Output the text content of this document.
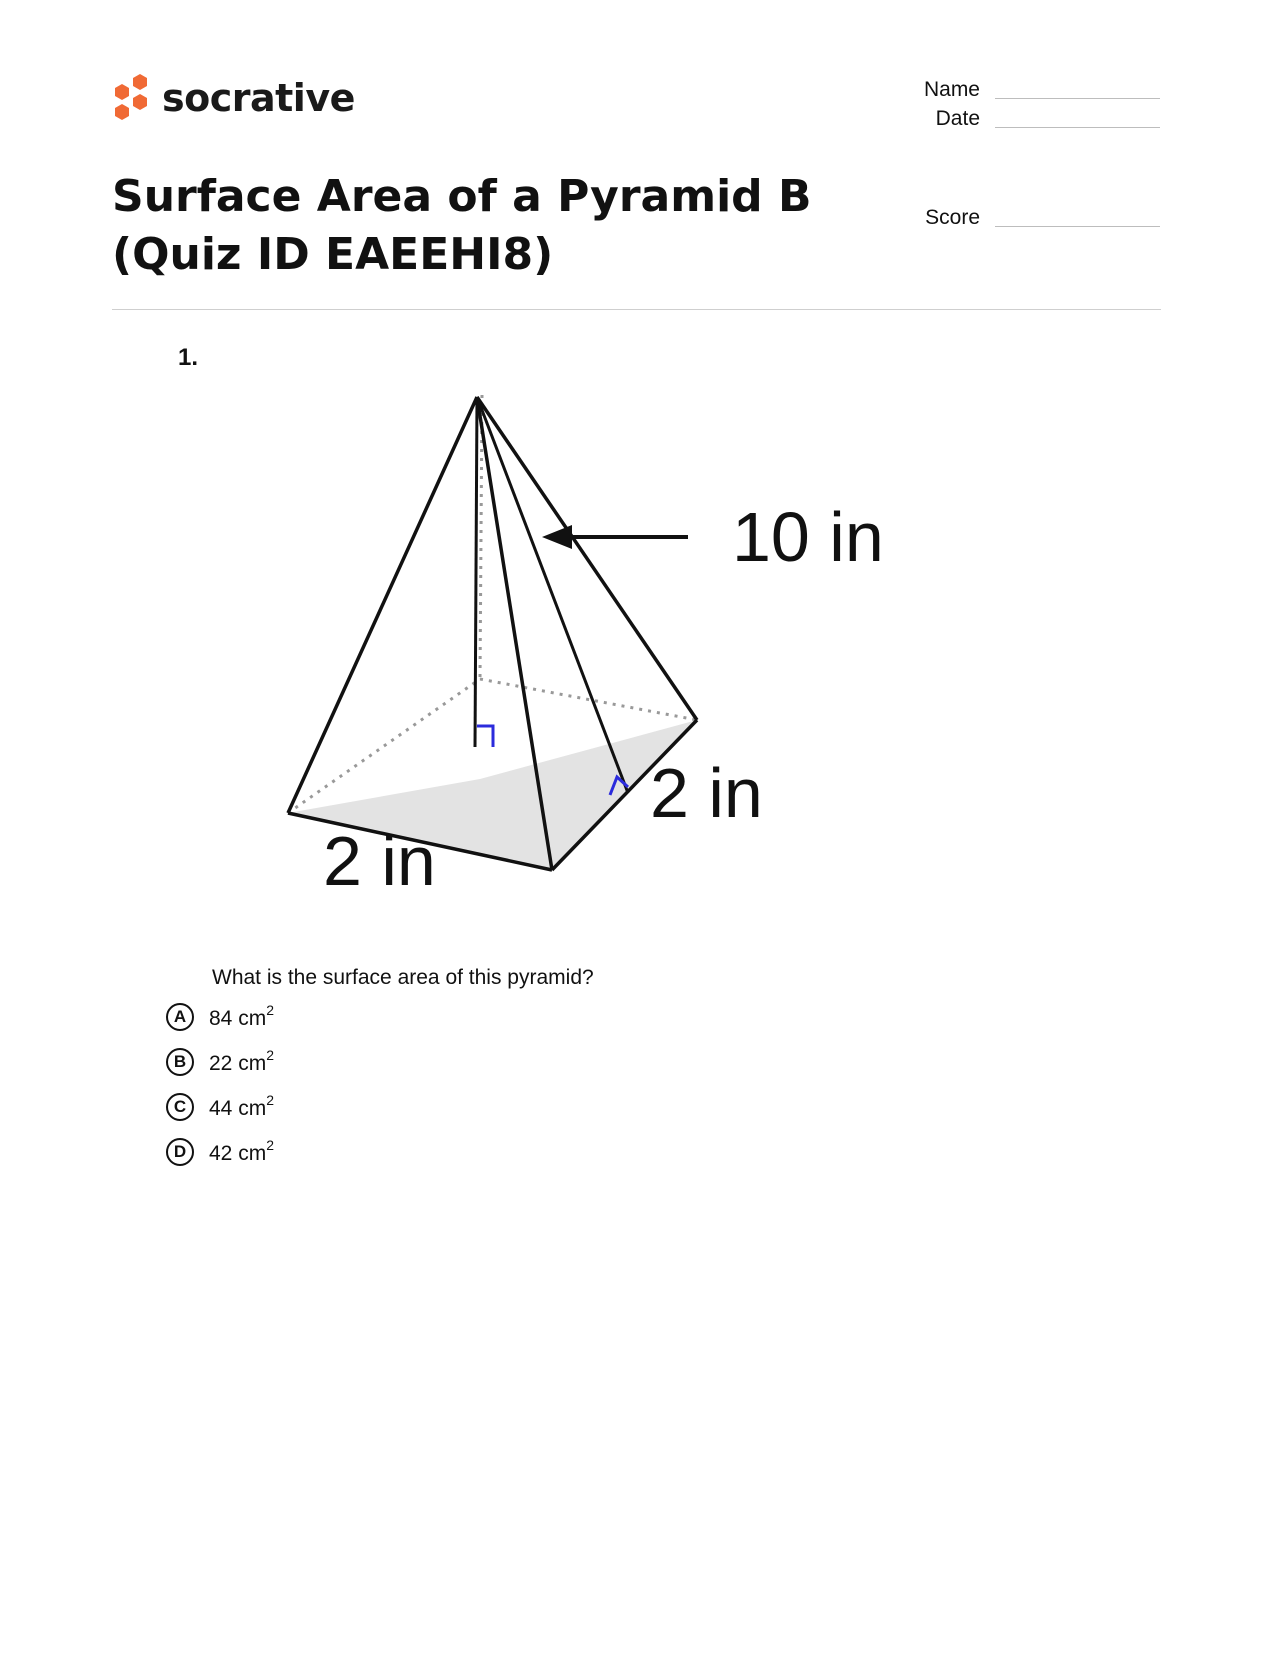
socrative	Name
Date
Score
Surface Area of a Pyramid B
(Quiz ID EAEEHI8)
1.
10 in
2 in
2 in
What is the surface area of this pyramid?
A	84 $cm^2$
B	22 $cm^2$
C	44 $cm^2$
D	42 $cm^2$
